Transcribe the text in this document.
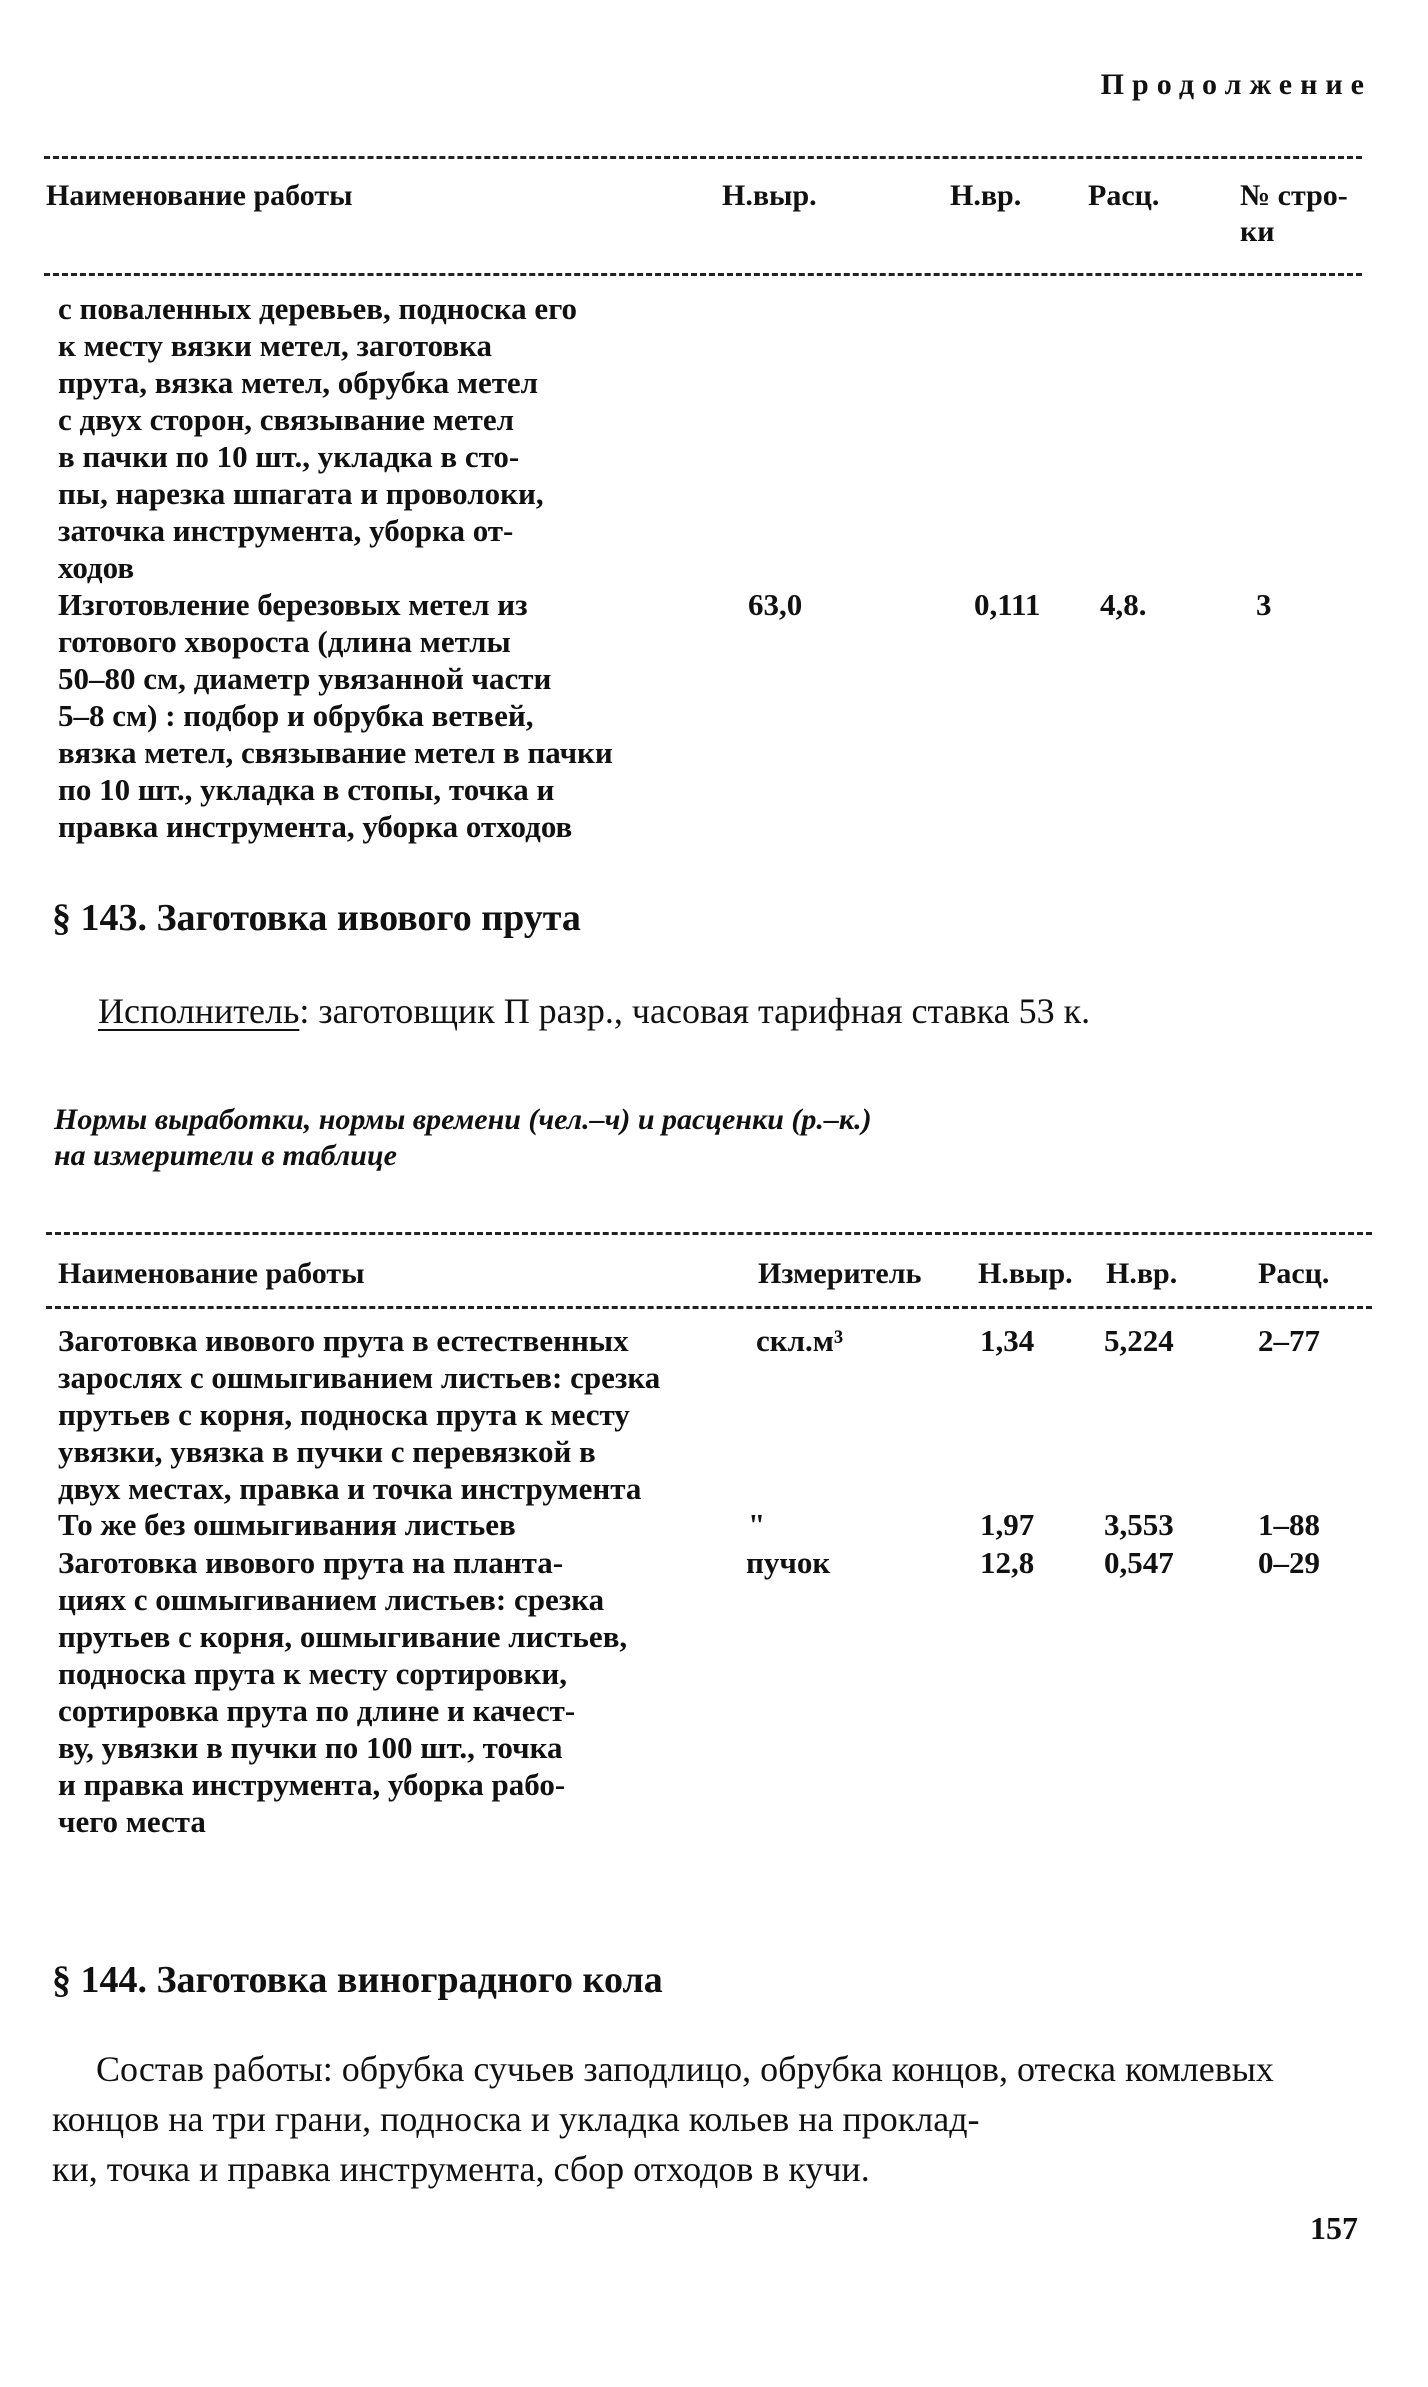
Продолжение
Наименование работы	Н.выр.	Н.вр. Расц.	№ стро-
ки
с поваленных деревьев, подноска его
к месту вязки метел, заготовка
прута, вязка метел, обрубка метел
с двух сторон, связывание метел
в пачки по 10 шт., укладка в сто-
пы, нарезка шпагата и проволоки,
заточка инструмента, уборка от-
ходов
Изготовление березовых метел из
готового хвороста (длина метлы
50–80 см, диаметр увязанной части
5–8 см) : подбор и обрубка ветвей,
вязка метел, связывание метел в пачки
по 10 шт., укладка в стопы, точка и
правка инструмента, уборка отходов
63,0	0,111 4,8.	3
§ 143. Заготовка ивового прута
Исполнитель: заготовщик П разр., часовая тарифная ставка 53 к.
Нормы выработки, нормы времени (чел.–ч) и расценки (р.–к.)
на измерители в таблице
Наименование работы	Измеритель Н.выр. Н.вр.	Расц.
Заготовка ивового прута в естественных
зарослях с ошмыгиванием листьев: срезка
прутьев с корня, подноска прута к месту
увязки, увязка в пучки с перевязкой в
двух местах, правка и точка инструмента
скл.м³	1,34 5,224	2–77
То же без ошмыгивания листьев	"	1,97 3,553	1–88
Заготовка ивового прута на планта-
циях с ошмыгиванием листьев: срезка
прутьев с корня, ошмыгивание листьев,
подноска прута к месту сортировки,
сортировка прута по длине и качест-
ву, увязки в пучки по 100 шт., точка
и правка инструмента, уборка рабо-
чего места
пучок	12,8 0,547	0–29
§ 144. Заготовка виноградного кола
Состав работы: обрубка сучьев заподлицо, обрубка концов, отеска комлевых концов на три грани, подноска и укладка кольев на проклад-
ки, точка и правка инструмента, сбор отходов в кучи.
157
